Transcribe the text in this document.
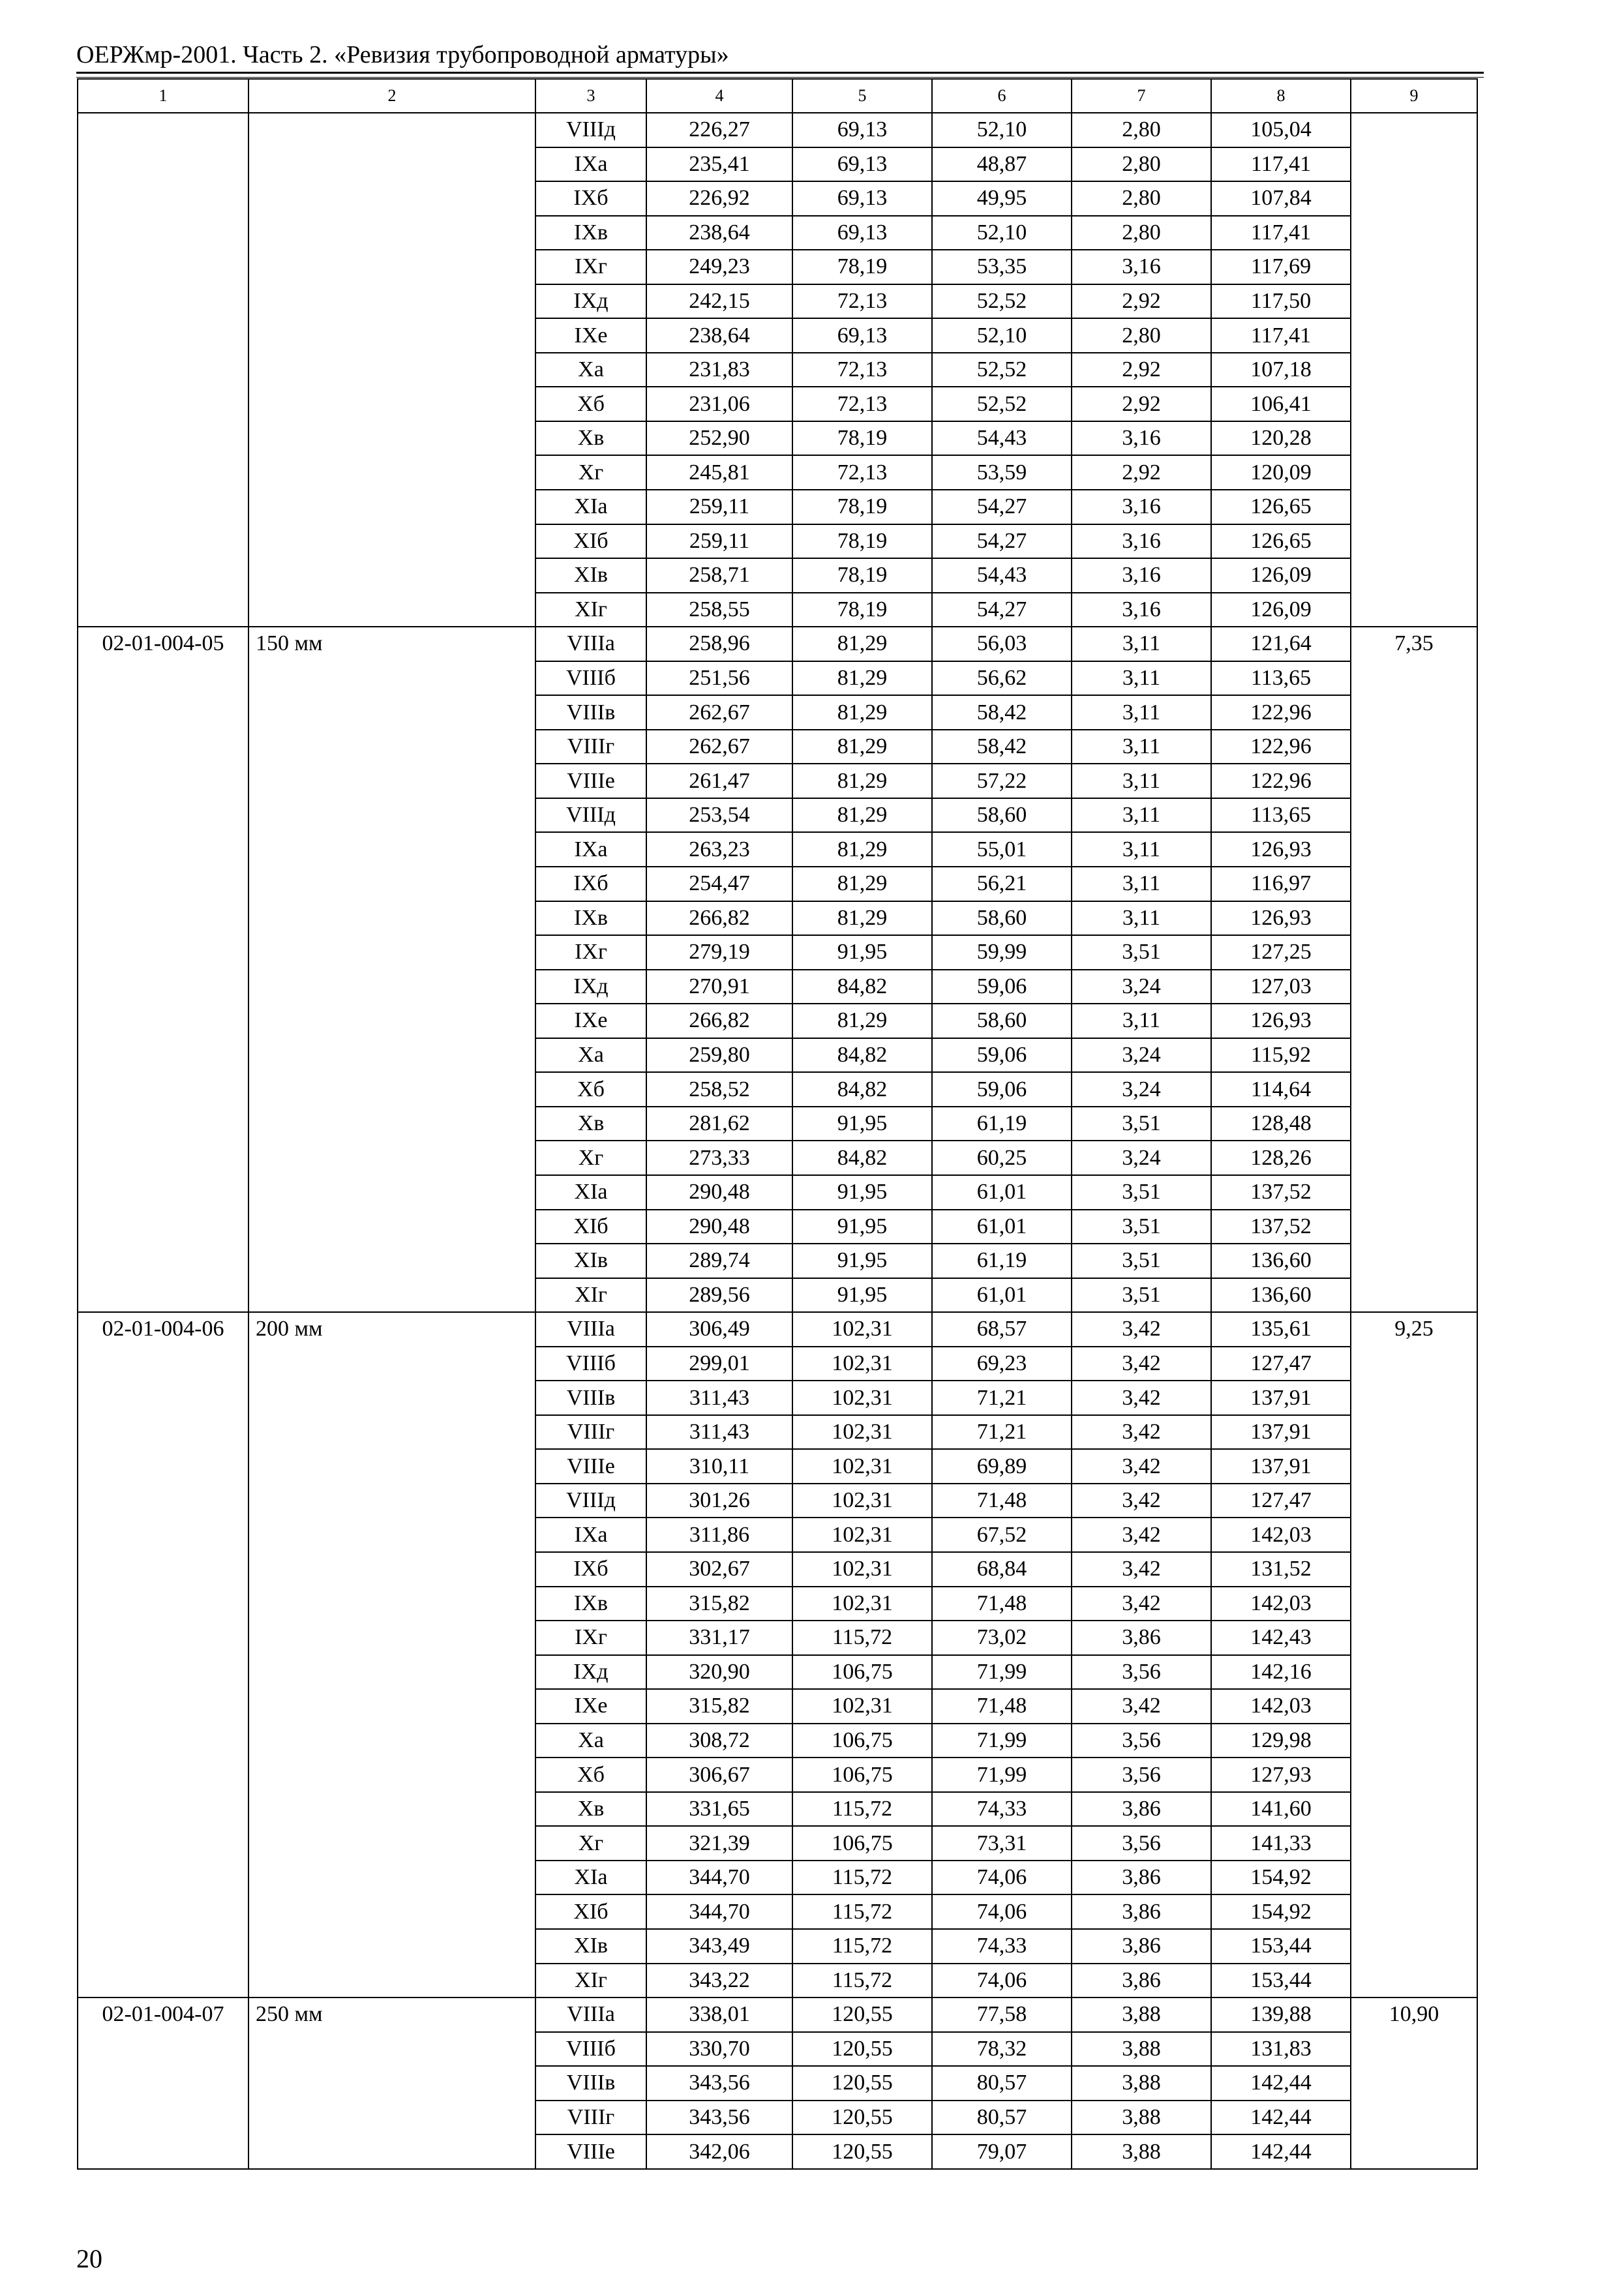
ОЕРЖмр-2001. Часть 2. «Ревизия трубопроводной арматуры»
1	2	3	4	5	6	7	8	9
		VIIIд	226,27	69,13	52,10	2,80	105,04	
		IXа	235,41	69,13	48,87	2,80	117,41	
		IXб	226,92	69,13	49,95	2,80	107,84	
		IXв	238,64	69,13	52,10	2,80	117,41	
		IXг	249,23	78,19	53,35	3,16	117,69	
		IXд	242,15	72,13	52,52	2,92	117,50	
		IXе	238,64	69,13	52,10	2,80	117,41	
		Xа	231,83	72,13	52,52	2,92	107,18	
		Xб	231,06	72,13	52,52	2,92	106,41	
		Xв	252,90	78,19	54,43	3,16	120,28	
		Xг	245,81	72,13	53,59	2,92	120,09	
		XIа	259,11	78,19	54,27	3,16	126,65	
		XIб	259,11	78,19	54,27	3,16	126,65	
		XIв	258,71	78,19	54,43	3,16	126,09	
		XIг	258,55	78,19	54,27	3,16	126,09	
02-01-004-05	150 мм	VIIIа	258,96	81,29	56,03	3,11	121,64	7,35
		VIIIб	251,56	81,29	56,62	3,11	113,65	
		VIIIв	262,67	81,29	58,42	3,11	122,96	
		VIIIг	262,67	81,29	58,42	3,11	122,96	
		VIIIе	261,47	81,29	57,22	3,11	122,96	
		VIIIд	253,54	81,29	58,60	3,11	113,65	
		IXа	263,23	81,29	55,01	3,11	126,93	
		IXб	254,47	81,29	56,21	3,11	116,97	
		IXв	266,82	81,29	58,60	3,11	126,93	
		IXг	279,19	91,95	59,99	3,51	127,25	
		IXд	270,91	84,82	59,06	3,24	127,03	
		IXе	266,82	81,29	58,60	3,11	126,93	
		Xа	259,80	84,82	59,06	3,24	115,92	
		Xб	258,52	84,82	59,06	3,24	114,64	
		Xв	281,62	91,95	61,19	3,51	128,48	
		Xг	273,33	84,82	60,25	3,24	128,26	
		XIа	290,48	91,95	61,01	3,51	137,52	
		XIб	290,48	91,95	61,01	3,51	137,52	
		XIв	289,74	91,95	61,19	3,51	136,60	
		XIг	289,56	91,95	61,01	3,51	136,60	
02-01-004-06	200 мм	VIIIа	306,49	102,31	68,57	3,42	135,61	9,25
		VIIIб	299,01	102,31	69,23	3,42	127,47	
		VIIIв	311,43	102,31	71,21	3,42	137,91	
		VIIIг	311,43	102,31	71,21	3,42	137,91	
		VIIIе	310,11	102,31	69,89	3,42	137,91	
		VIIIд	301,26	102,31	71,48	3,42	127,47	
		IXа	311,86	102,31	67,52	3,42	142,03	
		IXб	302,67	102,31	68,84	3,42	131,52	
		IXв	315,82	102,31	71,48	3,42	142,03	
		IXг	331,17	115,72	73,02	3,86	142,43	
		IXд	320,90	106,75	71,99	3,56	142,16	
		IXе	315,82	102,31	71,48	3,42	142,03	
		Xа	308,72	106,75	71,99	3,56	129,98	
		Xб	306,67	106,75	71,99	3,56	127,93	
		Xв	331,65	115,72	74,33	3,86	141,60	
		Xг	321,39	106,75	73,31	3,56	141,33	
		XIа	344,70	115,72	74,06	3,86	154,92	
		XIб	344,70	115,72	74,06	3,86	154,92	
		XIв	343,49	115,72	74,33	3,86	153,44	
		XIг	343,22	115,72	74,06	3,86	153,44	
02-01-004-07	250 мм	VIIIа	338,01	120,55	77,58	3,88	139,88	10,90
		VIIIб	330,70	120,55	78,32	3,88	131,83	
		VIIIв	343,56	120,55	80,57	3,88	142,44	
		VIIIг	343,56	120,55	80,57	3,88	142,44	
		VIIIе	342,06	120,55	79,07	3,88	142,44	
20
